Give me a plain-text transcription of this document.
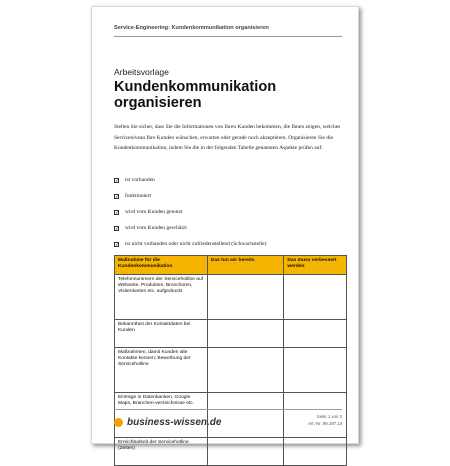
Service-Engineering: Kundenkommunikation organisieren
Arbeitsvorlage
Kundenkommunikation organisieren
Stellen Sie sicher, dass Sie die Informationen von Ihren Kunden bekommen, die Ihnen zeigen, welches Serviceniveau Ihre Kunden wünschen, erwarten oder gerade noch akzeptieren. Organisieren Sie die Kundenkommunikation, indem Sie die in der folgenden Tabelle genannten Aspekte prüfen auf:
✓ ist vorhanden
✓ funktioniert
✓ wird vom Kunden genutzt
✓ wird vom Kunden geschätzt
✓ ist nicht vorhanden oder nicht zufriedenstellend (Schwachstelle)
Maßnahme für die Kundenkommunikation	Das tun wir bereits	Das muss verbessert werden
Telefonnummern der Servicehotline auf Webseite, Produkten, Broschüren, Visitenkarten etc. aufgedruckt		
Bekanntheit der Kontaktdaten bei Kunden		
Maßnahmen, damit Kunden alle Kontakte kennen; Bewerbung der Servicehotline		
Einträge in Datenbanken, Google Maps, Branchen-verzeichnisse etc.		
Erreichbarkeit der Servicehotline (Zeiten)		
business-wissen.de
Seite 1 von 2
Art.-Nr. 99.197.14
